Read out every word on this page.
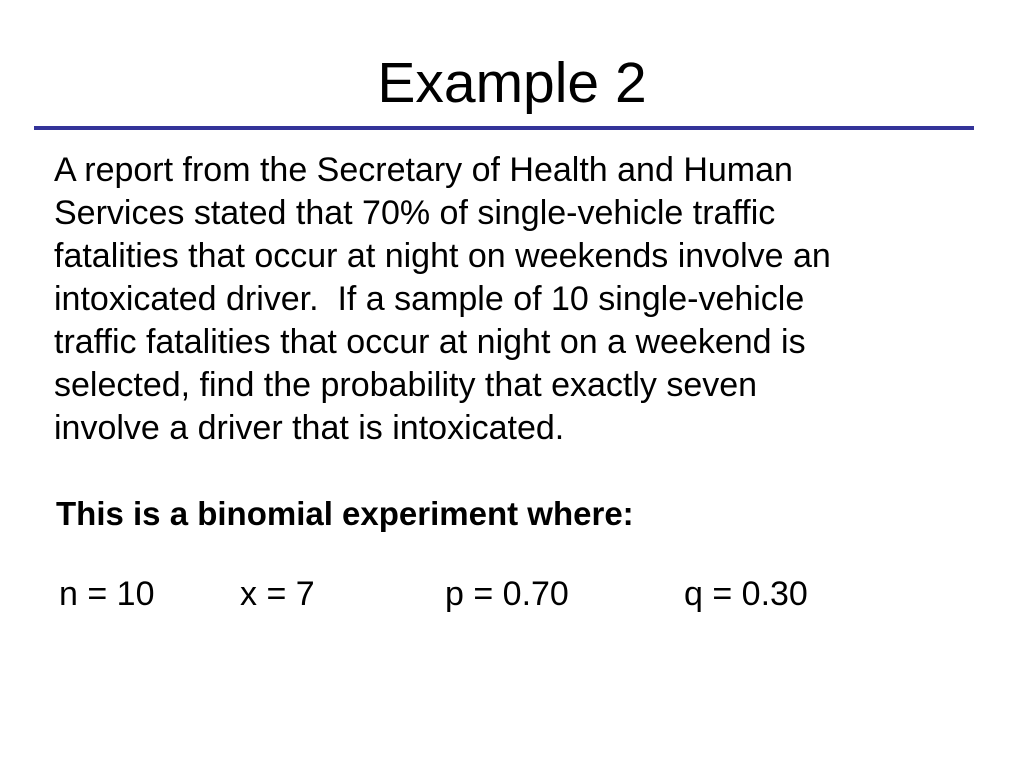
Example 2

A report from the Secretary of Health and Human
Services stated that 70% of single-vehicle traffic
fatalities that occur at night on weekends involve an
intoxicated driver.  If a sample of 10 single-vehicle
traffic fatalities that occur at night on a weekend is
selected, find the probability that exactly seven
involve a driver that is intoxicated.

This is a binomial experiment where:

n = 10	x = 7	p = 0.70	q = 0.30
